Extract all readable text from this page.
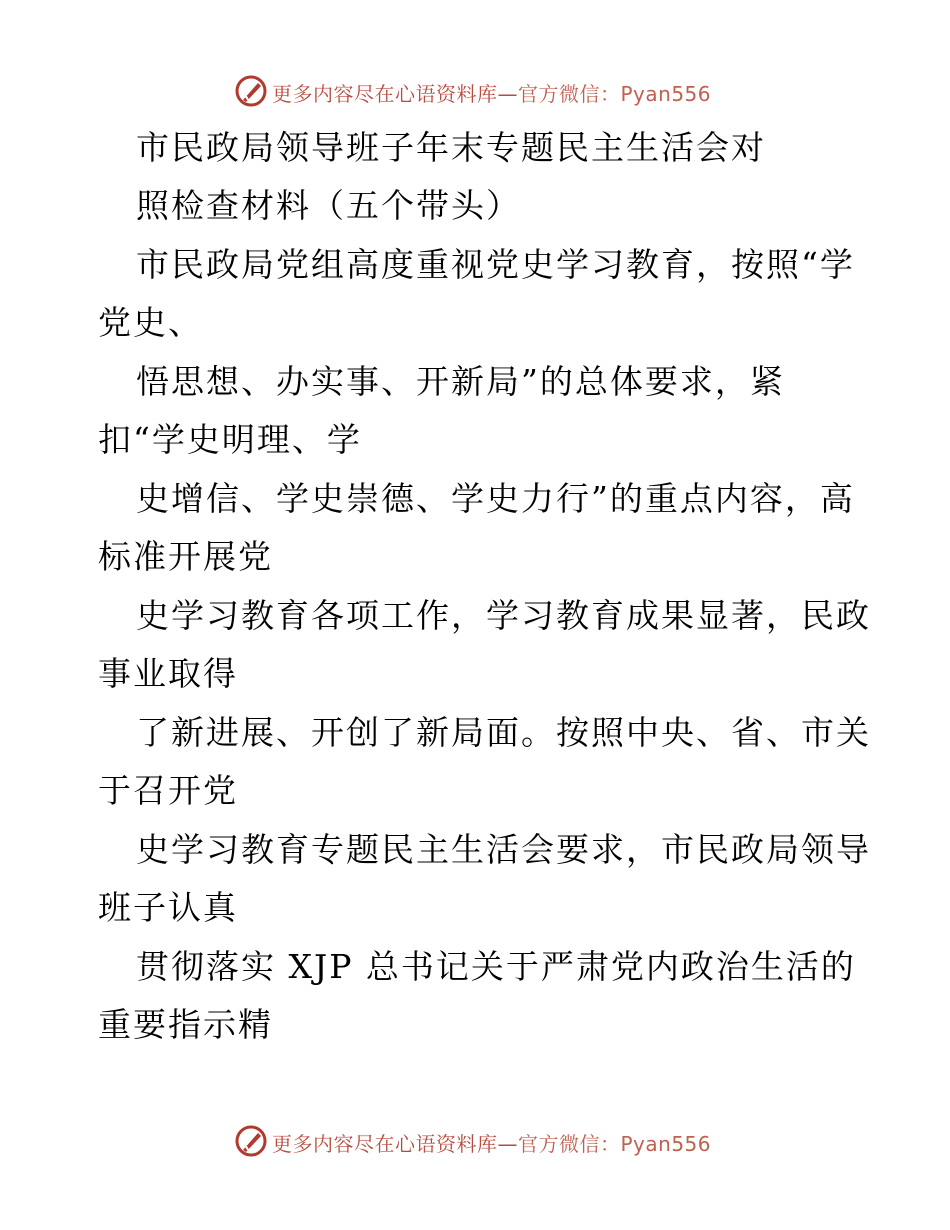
更多内容尽在心语资料库—官方微信：Pyan556
市民政局领导班子年末专题民主生活会对
照检查材料（五个带头）
市民政局党组高度重视党史学习教育，按照“学
党史、
悟思想、办实事、开新局”的总体要求，紧
扣“学史明理、学
史增信、学史崇德、学史力行”的重点内容，高
标准开展党
史学习教育各项工作，学习教育成果显著，民政
事业取得
了新进展、开创了新局面。按照中央、省、市关
于召开党
史学习教育专题民主生活会要求，市民政局领导
班子认真
贯彻落实 XJP 总书记关于严肃党内政治生活的
重要指示精
更多内容尽在心语资料库—官方微信：Pyan556
